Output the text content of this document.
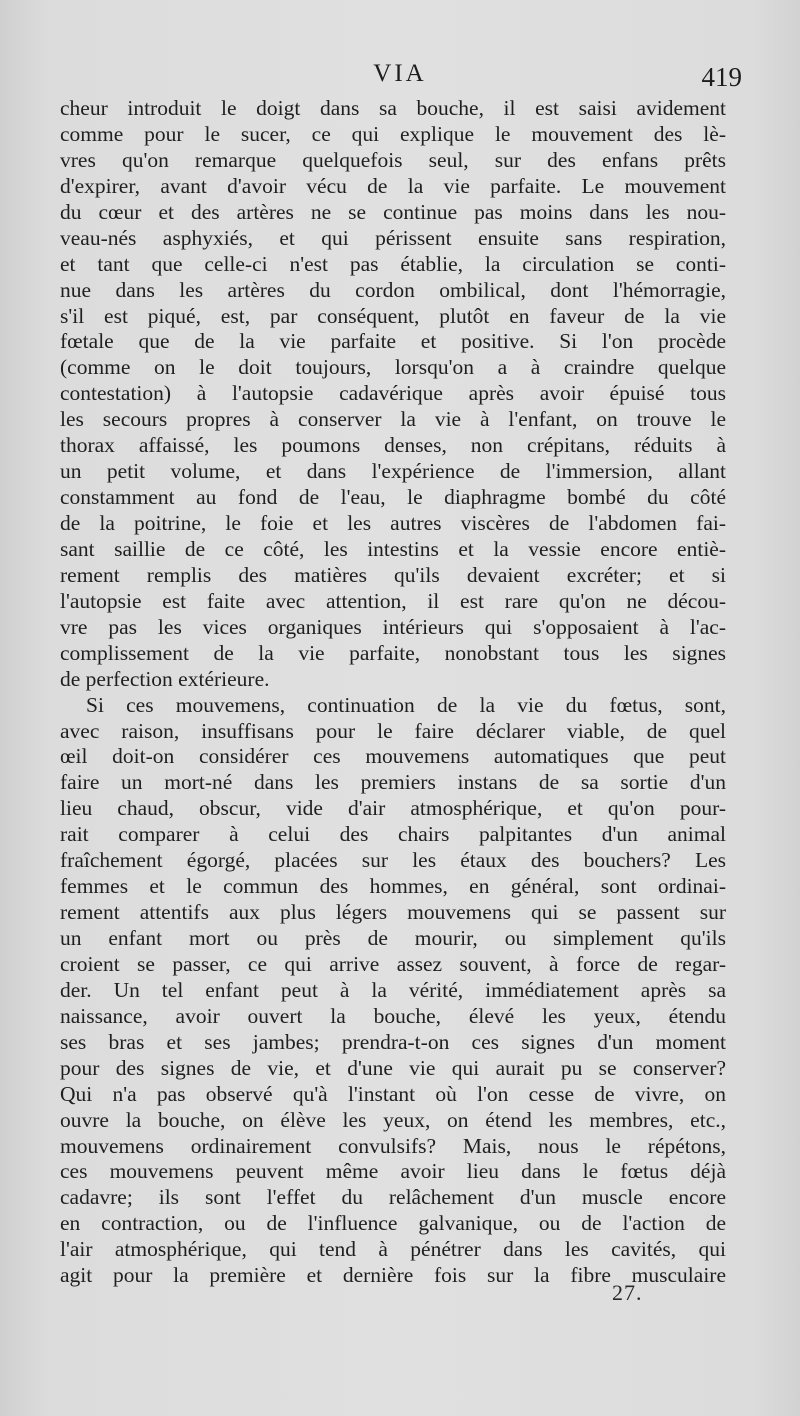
VIA	419
cheur introduit le doigt dans sa bouche, il est saisi avidement
comme pour le sucer, ce qui explique le mouvement des lè-
vres qu'on remarque quelquefois seul, sur des enfans prêts
d'expirer, avant d'avoir vécu de la vie parfaite. Le mouvement
du cœur et des artères ne se continue pas moins dans les nou-
veau-nés asphyxiés, et qui périssent ensuite sans respiration,
et tant que celle-ci n'est pas établie, la circulation se conti-
nue dans les artères du cordon ombilical, dont l'hémorragie,
s'il est piqué, est, par conséquent, plutôt en faveur de la vie
fœtale que de la vie parfaite et positive. Si l'on procède
(comme on le doit toujours, lorsqu'on a à craindre quelque
contestation) à l'autopsie cadavérique après avoir épuisé tous
les secours propres à conserver la vie à l'enfant, on trouve le
thorax affaissé, les poumons denses, non crépitans, réduits à
un petit volume, et dans l'expérience de l'immersion, allant
constamment au fond de l'eau, le diaphragme bombé du côté
de la poitrine, le foie et les autres viscères de l'abdomen fai-
sant saillie de ce côté, les intestins et la vessie encore entiè-
rement remplis des matières qu'ils devaient excréter; et si
l'autopsie est faite avec attention, il est rare qu'on ne décou-
vre pas les vices organiques intérieurs qui s'opposaient à l'ac-
complissement de la vie parfaite, nonobstant tous les signes
de perfection extérieure.
Si ces mouvemens, continuation de la vie du fœtus, sont,
avec raison, insuffisans pour le faire déclarer viable, de quel
œil doit-on considérer ces mouvemens automatiques que peut
faire un mort-né dans les premiers instans de sa sortie d'un
lieu chaud, obscur, vide d'air atmosphérique, et qu'on pour-
rait comparer à celui des chairs palpitantes d'un animal
fraîchement égorgé, placées sur les étaux des bouchers? Les
femmes et le commun des hommes, en général, sont ordinai-
rement attentifs aux plus légers mouvemens qui se passent sur
un enfant mort ou près de mourir, ou simplement qu'ils
croient se passer, ce qui arrive assez souvent, à force de regar-
der. Un tel enfant peut à la vérité, immédiatement après sa
naissance, avoir ouvert la bouche, élevé les yeux, étendu
ses bras et ses jambes; prendra-t-on ces signes d'un moment
pour des signes de vie, et d'une vie qui aurait pu se conserver?
Qui n'a pas observé qu'à l'instant où l'on cesse de vivre, on
ouvre la bouche, on élève les yeux, on étend les membres, etc.,
mouvemens ordinairement convulsifs? Mais, nous le répétons,
ces mouvemens peuvent même avoir lieu dans le fœtus déjà
cadavre; ils sont l'effet du relâchement d'un muscle encore
en contraction, ou de l'influence galvanique, ou de l'action de
l'air atmosphérique, qui tend à pénétrer dans les cavités, qui
agit pour la première et dernière fois sur la fibre musculaire
27.
